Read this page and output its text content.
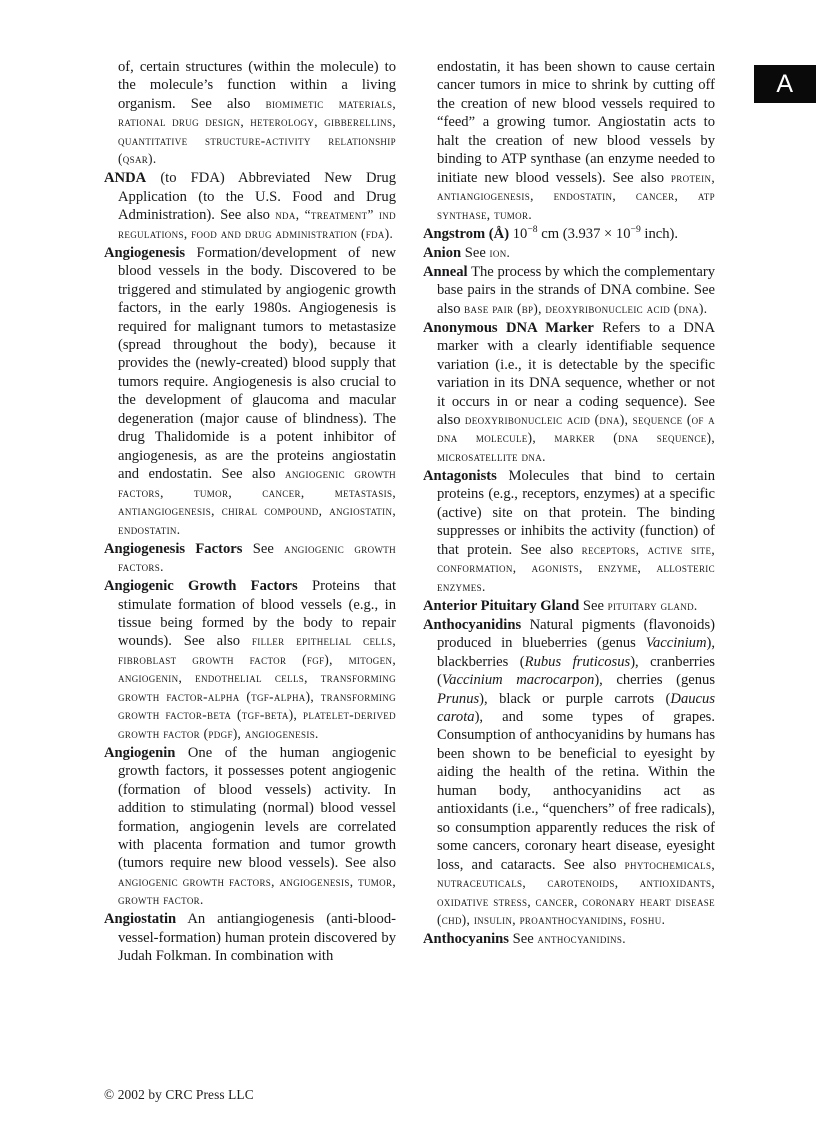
A

of, certain structures (within the molecule) to the molecule’s function within a living organism. See also biomimetic materials, rational drug design, heterology, gibberellins, quantitative structure-activity relationship (qsar).

ANDA (to FDA) Abbreviated New Drug Application (to the U.S. Food and Drug Administration). See also nda, “treatment” ind regulations, food and drug administration (fda).

Angiogenesis Formation/development of new blood vessels in the body. Discovered to be triggered and stimulated by angiogenic growth factors, in the early 1980s. Angiogenesis is required for malignant tumors to metastasize (spread throughout the body), because it provides the (newly-created) blood supply that tumors require. Angiogenesis is also crucial to the development of glaucoma and macular degeneration (major cause of blindness). The drug Thalidomide is a potent inhibitor of angiogenesis, as are the proteins angiostatin and endostatin. See also angiogenic growth factors, tumor, cancer, metastasis, antiangiogenesis, chiral compound, angiostatin, endostatin.

Angiogenesis Factors See angiogenic growth factors.

Angiogenic Growth Factors Proteins that stimulate formation of blood vessels (e.g., in tissue being formed by the body to repair wounds). See also filler epithelial cells, fibroblast growth factor (fgf), mitogen, angiogenin, endothelial cells, transforming growth factor-alpha (tgf-alpha), transforming growth factor-beta (tgf-beta), platelet-derived growth factor (pdgf), angiogenesis.

Angiogenin One of the human angiogenic growth factors, it possesses potent angiogenic (formation of blood vessels) activity. In addition to stimulating (normal) blood vessel formation, angiogenin levels are correlated with placenta formation and tumor growth (tumors require new blood vessels). See also angiogenic growth factors, angiogenesis, tumor, growth factor.

Angiostatin An antiangiogenesis (anti-blood-vessel-formation) human protein discovered by Judah Folkman. In combination with

endostatin, it has been shown to cause certain cancer tumors in mice to shrink by cutting off the creation of new blood vessels required to “feed” a growing tumor. Angiostatin acts to halt the creation of new blood vessels by binding to ATP synthase (an enzyme needed to initiate new blood vessels). See also protein, antiangiogenesis, endostatin, cancer, atp synthase, tumor.

Angstrom (Å) $10^{-8}$ cm ($3.937 \times 10^{-9}$ inch).

Anion See ion.

Anneal The process by which the complementary base pairs in the strands of DNA combine. See also base pair (bp), deoxyribonucleic acid (dna).

Anonymous DNA Marker Refers to a DNA marker with a clearly identifiable sequence variation (i.e., it is detectable by the specific variation in its DNA sequence, whether or not it occurs in or near a coding sequence). See also deoxyribonucleic acid (dna), sequence (of a dna molecule), marker (dna sequence), microsatellite dna.

Antagonists Molecules that bind to certain proteins (e.g., receptors, enzymes) at a specific (active) site on that protein. The binding suppresses or inhibits the activity (function) of that protein. See also receptors, active site, conformation, agonists, enzyme, allosteric enzymes.

Anterior Pituitary Gland See pituitary gland.

Anthocyanidins Natural pigments (flavonoids) produced in blueberries (genus Vaccinium), blackberries (Rubus fruticosus), cranberries (Vaccinium macrocarpon), cherries (genus Prunus), black or purple carrots (Daucus carota), and some types of grapes. Consumption of anthocyanidins by humans has been shown to be beneficial to eyesight by aiding the health of the retina. Within the human body, anthocyanidins act as antioxidants (i.e., “quenchers” of free radicals), so consumption apparently reduces the risk of some cancers, coronary heart disease, eyesight loss, and cataracts. See also phytochemicals, nutraceuticals, carotenoids, antioxidants, oxidative stress, cancer, coronary heart disease (chd), insulin, proanthocyanidins, foshu.

Anthocyanins See anthocyanidins.

© 2002 by CRC Press LLC
